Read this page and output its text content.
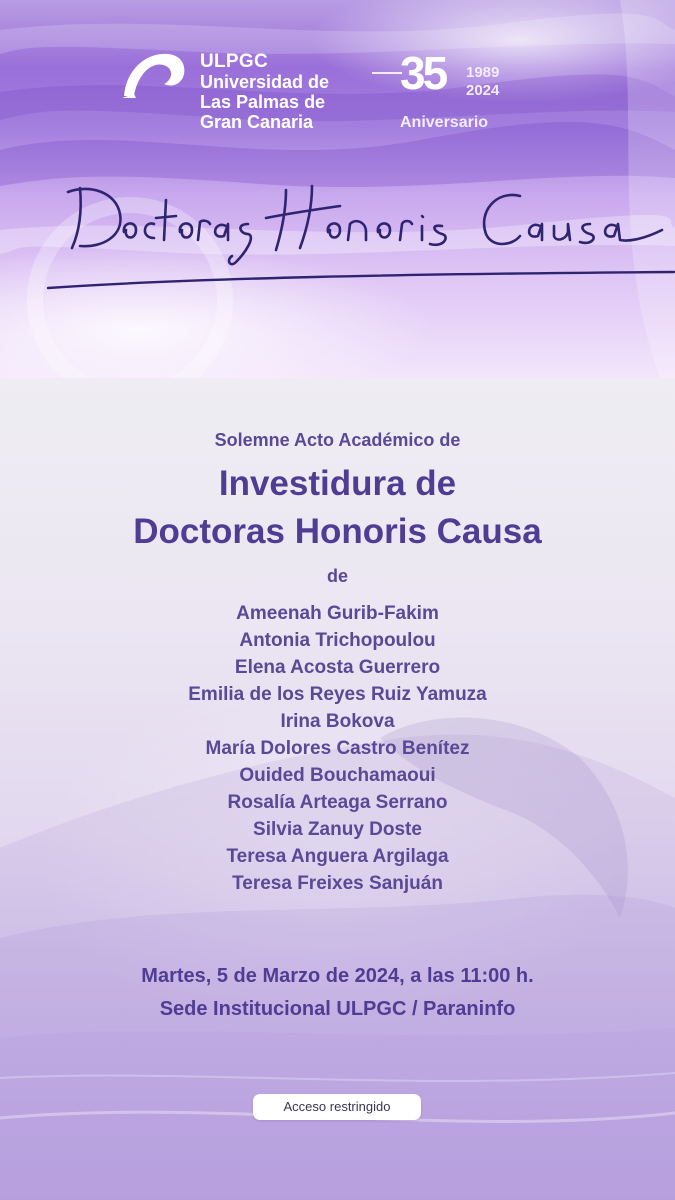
ULPGC
Universidad de
Las Palmas de
Gran Canaria
35 1989
2024
Aniversario
Solemne Acto Académico de
Investidura de
Doctoras Honoris Causa
de
Ameenah Gurib-Fakim
Antonia Trichopoulou
Elena Acosta Guerrero
Emilia de los Reyes Ruiz Yamuza
Irina Bokova
María Dolores Castro Benítez
Ouided Bouchamaoui
Rosalía Arteaga Serrano
Silvia Zanuy Doste
Teresa Anguera Argilaga
Teresa Freixes Sanjuán
Martes, 5 de Marzo de 2024, a las 11:00 h.
Sede Institucional ULPGC / Paraninfo
Acceso restringido
